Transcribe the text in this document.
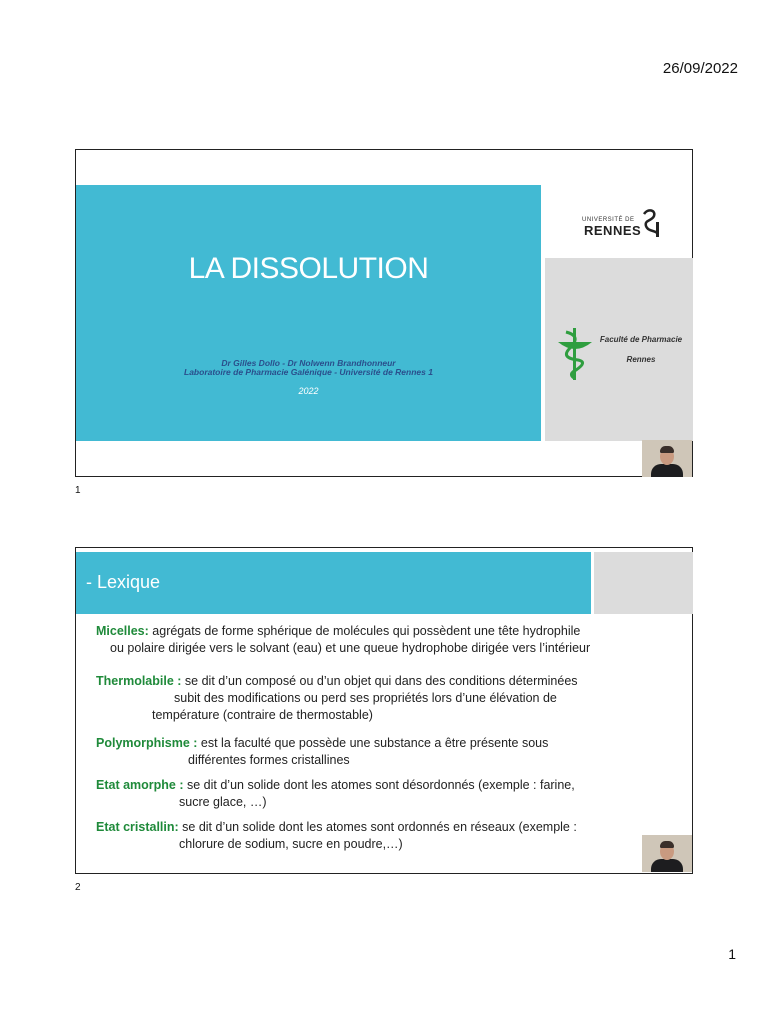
26/09/2022
LA DISSOLUTION
Dr Gilles Dollo - Dr Nolwenn Brandhonneur
Laboratoire de Pharmacie Galénique - Université de Rennes 1
2022
UNIVERSITÉ DE
RENNES
Faculté de Pharmacie
Rennes
1
- Lexique
Micelles: agrégats de forme sphérique de molécules qui possèdent une tête hydrophile
ou polaire dirigée vers le solvant (eau) et une queue hydrophobe dirigée vers l’intérieur
Thermolabile : se dit d’un composé ou d’un objet qui dans des conditions déterminées
subit des modifications ou perd ses propriétés lors d’une élévation de
température (contraire de thermostable)
Polymorphisme : est la faculté que possède une substance a être présente sous
différentes formes cristallines
Etat amorphe : se dit d’un solide dont les atomes sont désordonnés (exemple : farine,
sucre glace, …)
Etat cristallin: se dit d’un solide dont les atomes sont ordonnés en réseaux (exemple :
chlorure de sodium, sucre en poudre,…)
2
1
